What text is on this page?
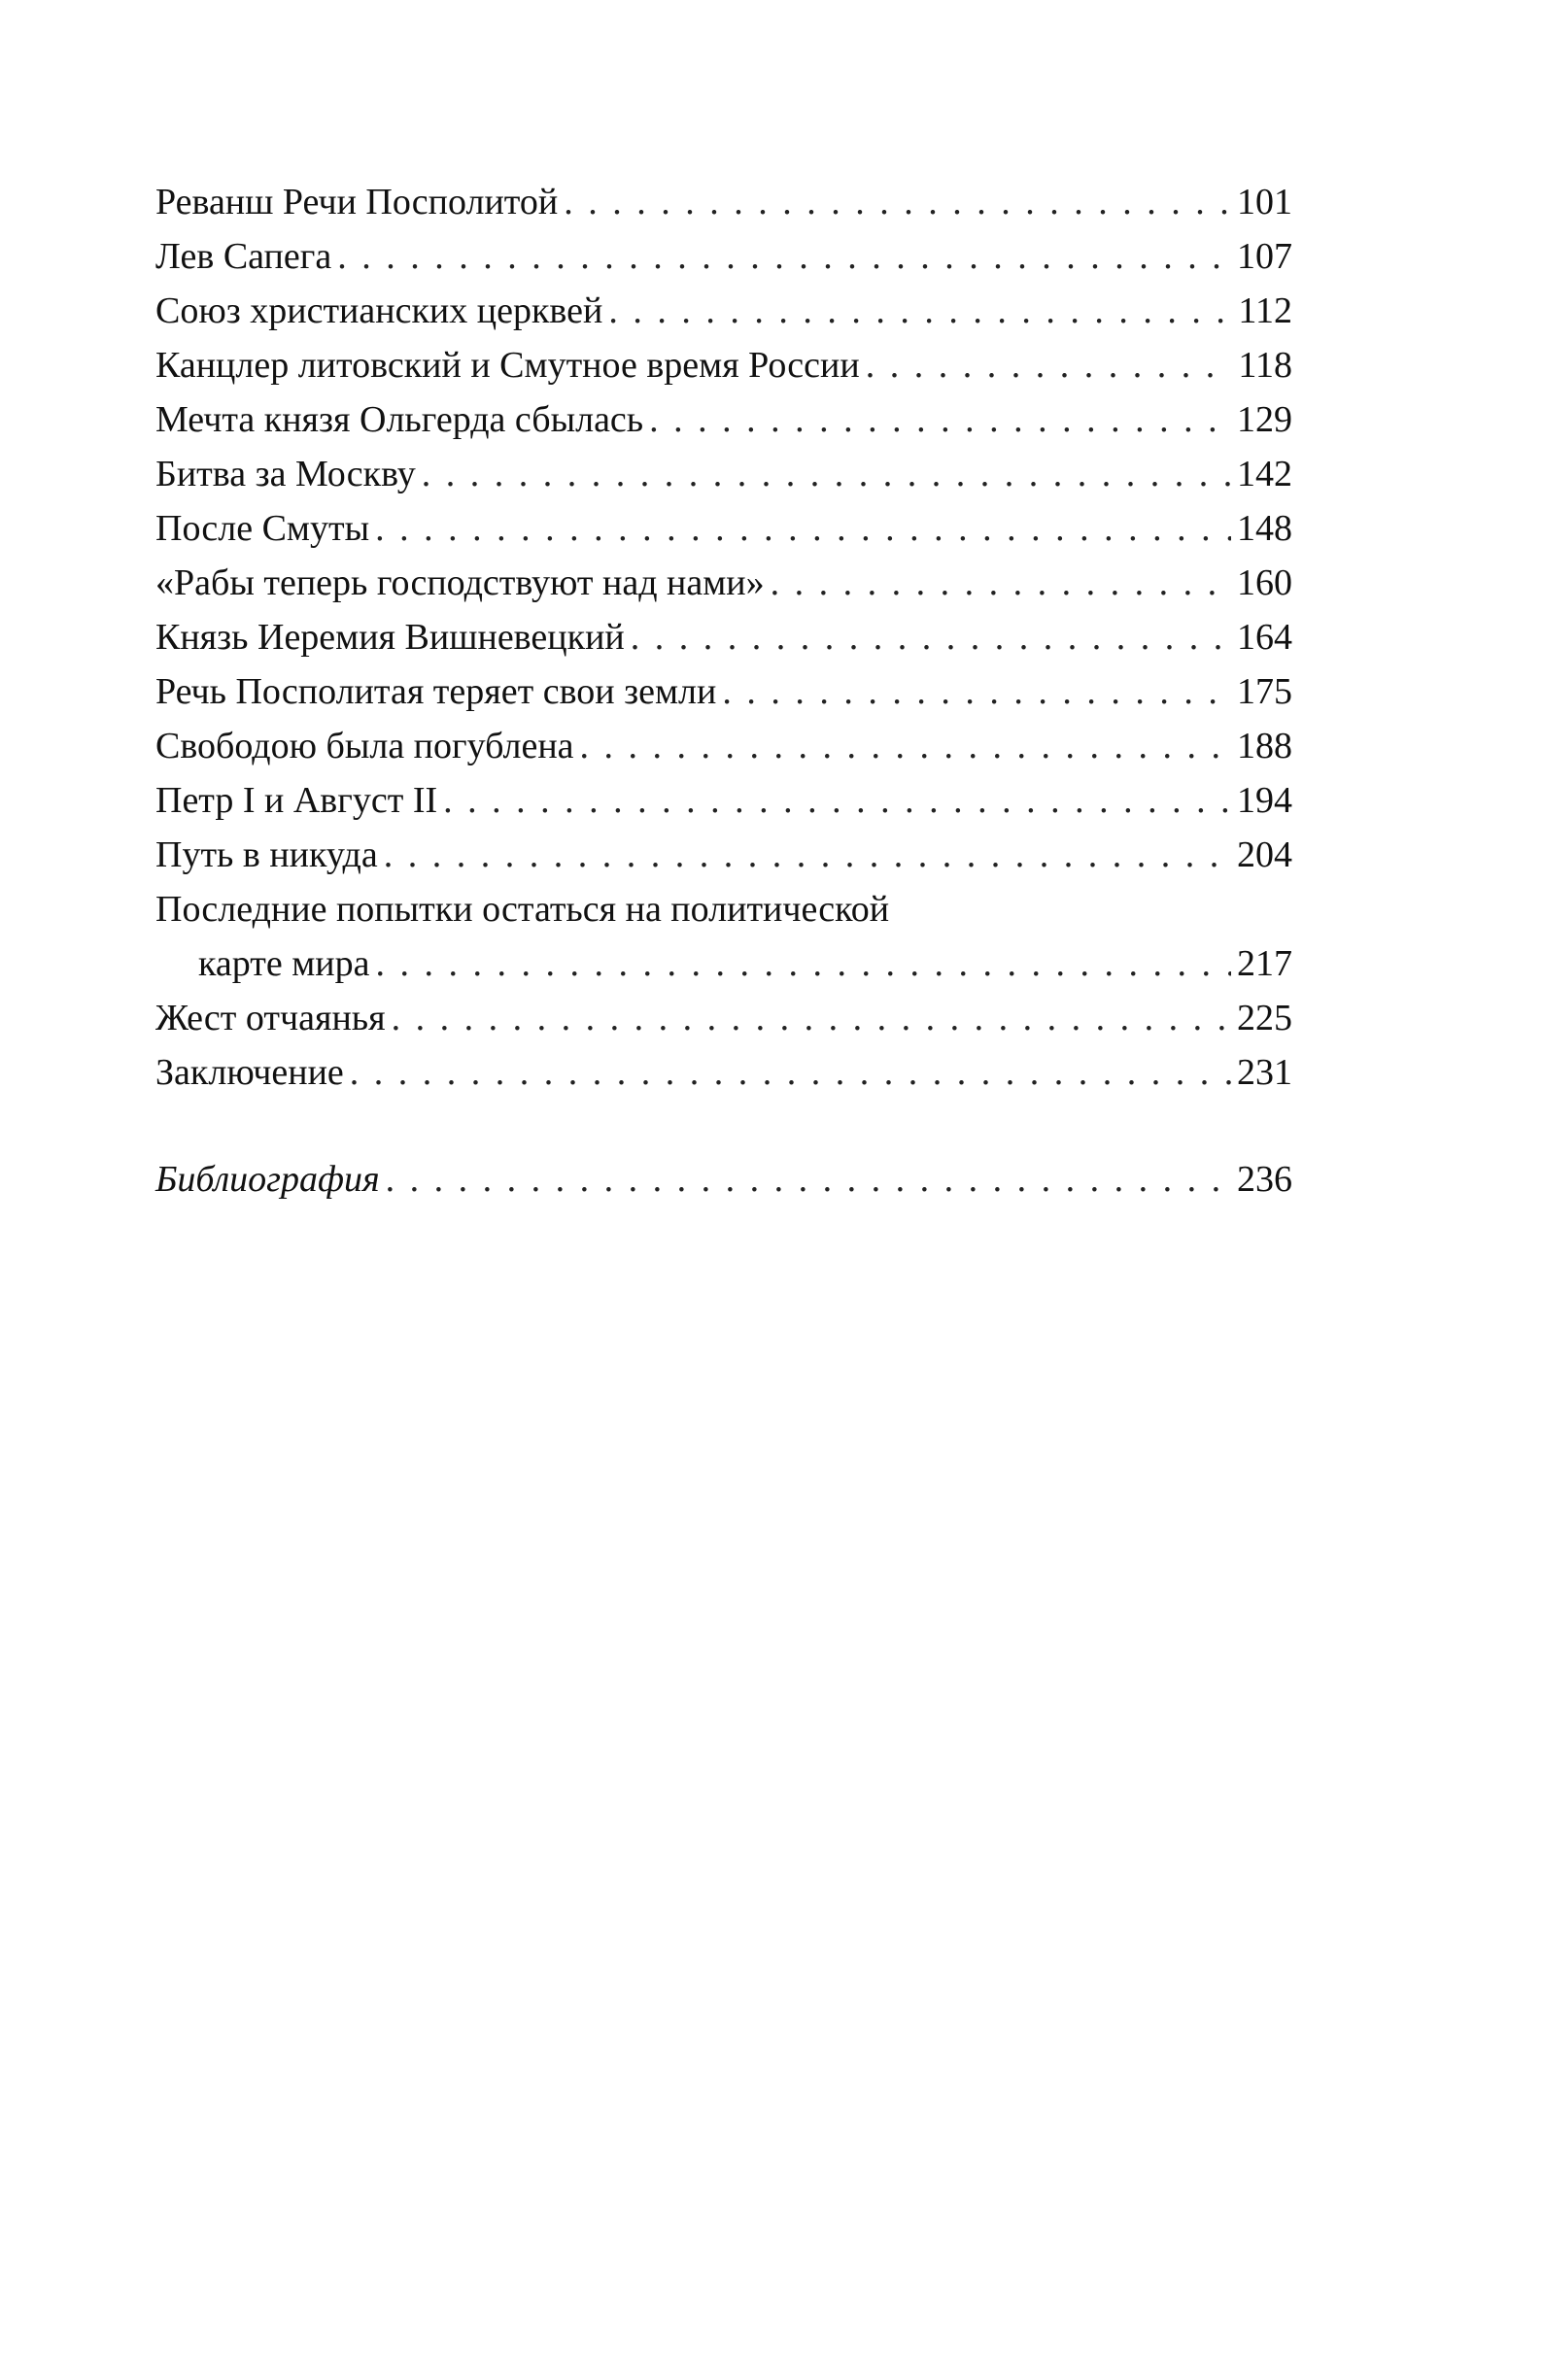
Реванш Речи Посполитой . . .	101
Лев Сапега . . .	107
Союз христианских церквей . . .	112
Канцлер литовский и Смутное время России . . .	118
Мечта князя Ольгерда сбылась . . .	129
Битва за Москву . . .	142
После Смуты . . .	148
«Рабы теперь господствуют над нами» . . .	160
Князь Иеремия Вишневецкий . . .	164
Речь Посполитая теряет свои земли . . .	175
Свободою была погублена . . .	188
Петр I и Август II . . .	194
Путь в никуда . . .	204
Последние попытки остаться на политической
карте мира . . .	217
Жест отчаянья . . .	225
Заключение . . .	231
Библиография . . .	236
